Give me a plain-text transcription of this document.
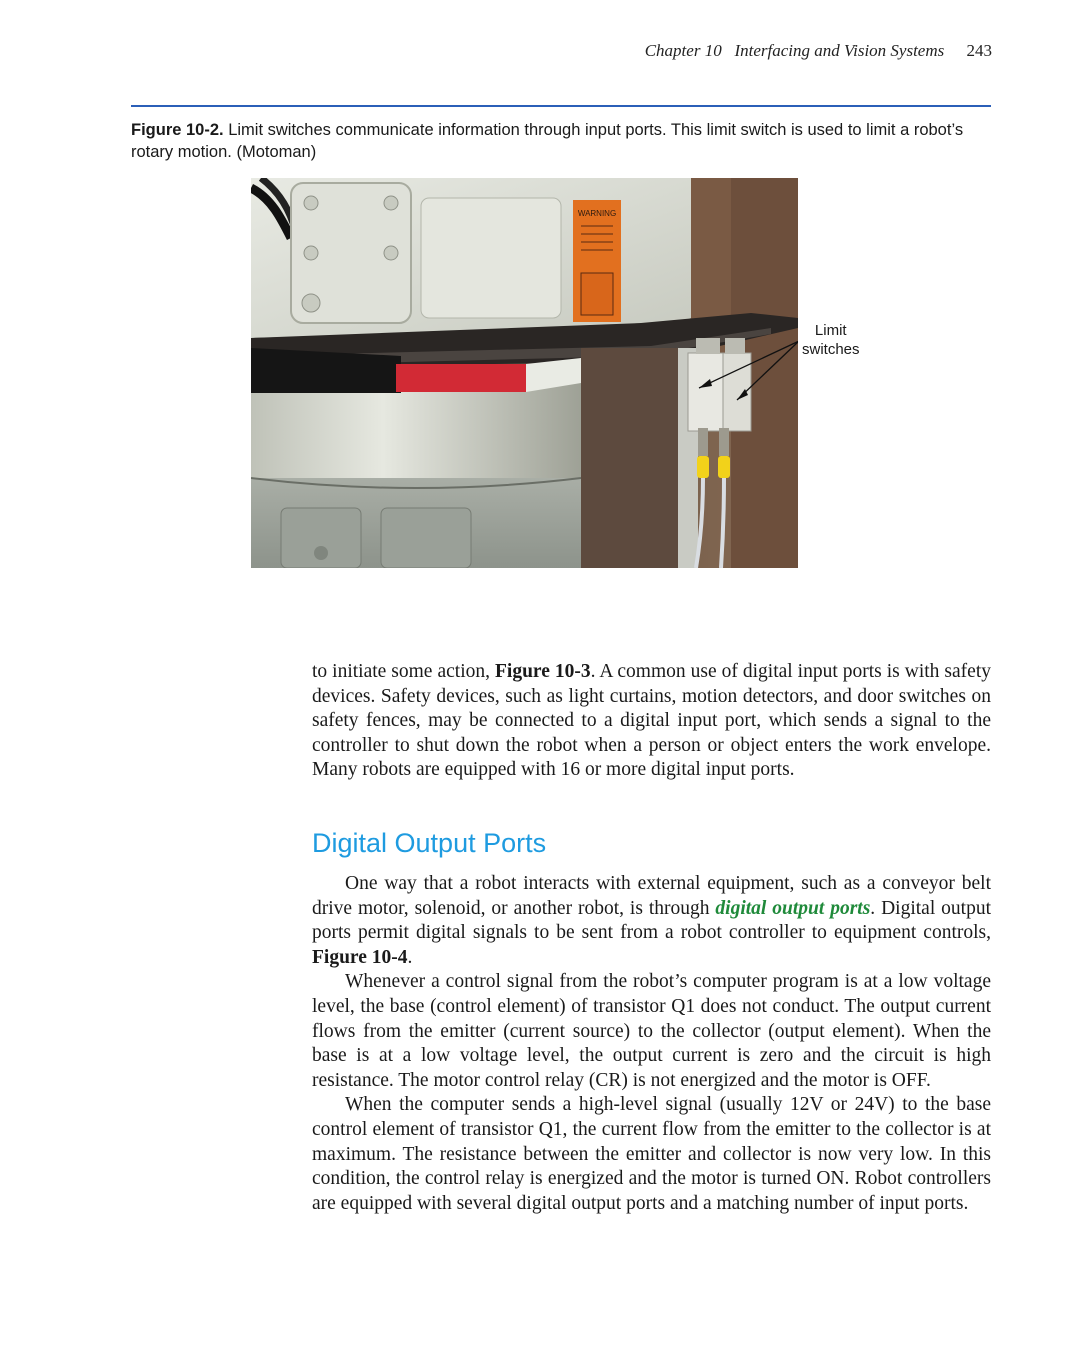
Chapter 10 Interfacing and Vision Systems 243
Figure 10-2. Limit switches communicate information through input ports. This limit switch is used to limit a robot’s rotary motion. (Motoman)
WARNING
Limit
switches

to initiate some action, Figure 10-3. A common use of digital input ports is with safety devices. Safety devices, such as light curtains, motion detectors, and door switches on safety fences, may be connected to a digital input port, which sends a signal to the controller to shut down the robot when a person or object enters the work envelope. Many robots are equipped with 16 or more digital input ports.

Digital Output Ports

One way that a robot interacts with external equipment, such as a conveyor belt drive motor, solenoid, or another robot, is through digital output ports. Digital output ports permit digital signals to be sent from a robot controller to equipment controls, Figure 10-4.

Whenever a control signal from the robot’s computer program is at a low voltage level, the base (control element) of transistor Q1 does not conduct. The output current flows from the emitter (current source) to the collector (output element). When the base is at a low voltage level, the output current is zero and the circuit is high resistance. The motor control relay (CR) is not energized and the motor is OFF.

When the computer sends a high-level signal (usually 12V or 24V) to the base control element of transistor Q1, the current flow from the emitter to the collector is at maximum. The resistance between the emitter and collector is now very low. In this condition, the control relay is energized and the motor is turned ON. Robot controllers are equipped with several digital output ports and a matching number of input ports.
